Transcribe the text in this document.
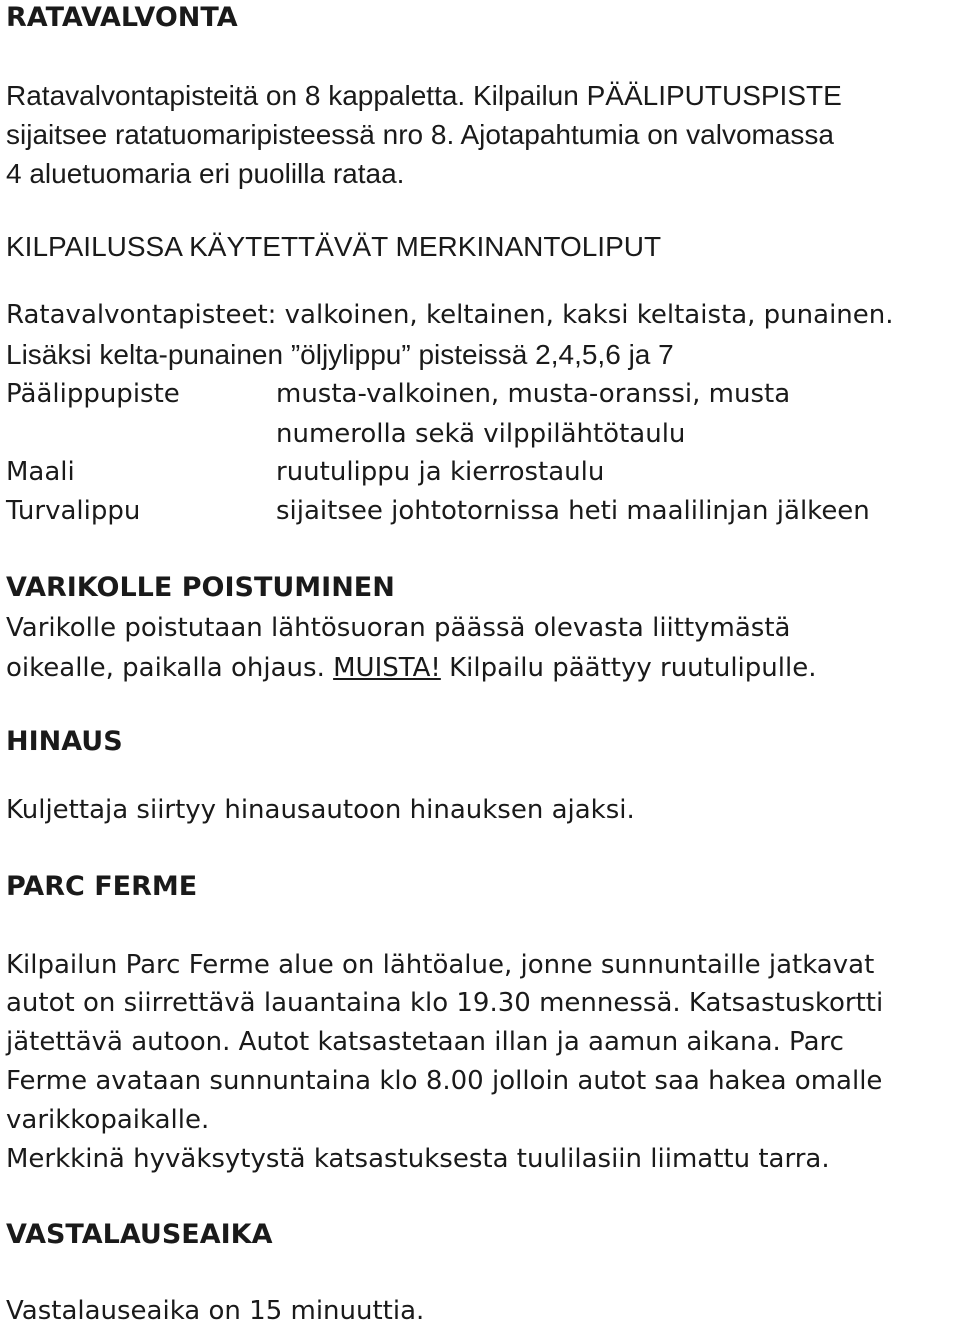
RATAVALVONTA
Ratavalvontapisteitä on 8 kappaletta. Kilpailun PÄÄLIPUTUSPISTE
sijaitsee ratatuomaripisteessä nro 8. Ajotapahtumia on valvomassa
4 aluetuomaria eri puolilla rataa.
KILPAILUSSA KÄYTETTÄVÄT MERKINANTOLIPUT
Ratavalvontapisteet: valkoinen, keltainen, kaksi keltaista, punainen.
Lisäksi kelta-punainen ”öljylippu” pisteissä 2,4,5,6 ja 7
Päälippupiste	musta-valkoinen, musta-oranssi, musta
numerolla sekä vilppilähtötaulu
Maali	ruutulippu ja kierrostaulu
Turvalippu	sijaitsee johtotornissa heti maalilinjan jälkeen
VARIKOLLE POISTUMINEN
Varikolle poistutaan lähtösuoran päässä olevasta liittymästä
oikealle, paikalla ohjaus. MUISTA! Kilpailu päättyy ruutulipulle.
HINAUS
Kuljettaja siirtyy hinausautoon hinauksen ajaksi.
PARC FERME
Kilpailun Parc Ferme alue on lähtöalue, jonne sunnuntaille jatkavat
autot on siirrettävä lauantaina klo 19.30 mennessä. Katsastuskortti
jätettävä autoon. Autot katsastetaan illan ja aamun aikana. Parc
Ferme avataan sunnuntaina klo 8.00 jolloin autot saa hakea omalle
varikkopaikalle.
Merkkinä hyväksytystä katsastuksesta tuulilasiin liimattu tarra.
VASTALAUSEAIKA
Vastalauseaika on 15 minuuttia.
